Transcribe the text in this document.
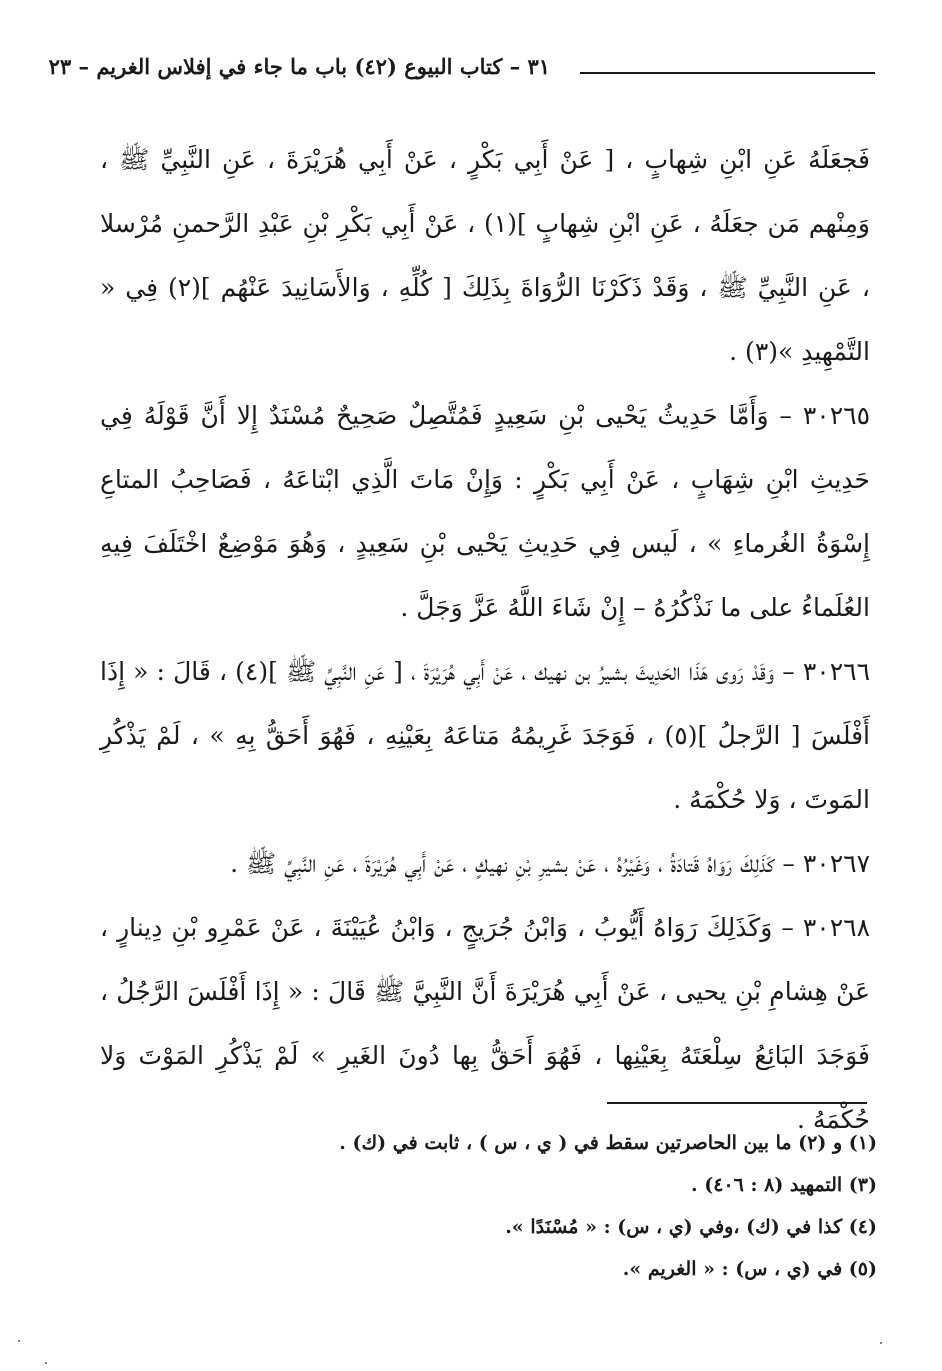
٣١ – كتاب البيوع (٤٢) باب ما جاء في إفلاس الغريم – ٢٣

فَجعَلَهُ عَنِ ابْنِ شِهابٍ ، [ عَنْ أَبِي بَكْرٍ ، عَنْ أَبِي هُرَيْرَةَ ، عَنِ النَّبِيِّ ﷺ ، وَمِنْهم مَن جعَلَهُ ، عَنِ ابْنِ شِهابٍ ](١) ، عَنْ أَبِي بَكْرِ بْنِ عَبْدِ الرَّحمنِ مُرْسلا ، عَنِ النَّبِيِّ ﷺ ، وَقَدْ ذَكَرْنَا الرُّوَاةَ بِذَلِكَ [ كُلِّهِ ، وَالأَسَانِيدَ عَنْهُم ](٢) فِي « التَّمْهِيدِ »(٣) .

٣٠٢٦٥ – وَأَمَّا حَدِيثُ يَحْيى بْنِ سَعِيدٍ فَمُتَّصِلٌ صَحِيحٌ مُسْنَدٌ إِلا أَنَّ قَوْلَهُ فِي حَدِيثِ ابْنِ شِهَابٍ ، عَنْ أَبِي بَكْرٍ : وَإِنْ مَاتَ الَّذِي ابْتاعَهُ ، فَصَاحِبُ المتاعِ إِسْوَةُ الغُرماءِ » ، لَيس فِي حَدِيثِ يَحْيى بْنِ سَعِيدٍ ، وَهُوَ مَوْضِعٌ اخْتَلَفَ فِيهِ العُلَماءُ على ما نَذْكُرُهُ – إِنْ شَاءَ اللَّهُ عَزَّ وَجَلَّ .

٣٠٢٦٦ – وَقَدْ رَوى هَذَا الحَدِيثَ بشيرُ بن نهيك ، عَنْ أَبِي هُرَيْرَةَ ، [ عَنِ النَّبِيِّ ﷺ ](٤) ، قَالَ : « إِذَا أَفْلَسَ [ الرَّجلُ ](٥) ، فَوَجَدَ غَرِيمُهُ مَتاعَهُ بِعَيْنِهِ ، فَهُوَ أَحَقُّ بِهِ » ، لَمْ يَذْكُرِ المَوتَ ، وَلا حُكْمَهُ .

٣٠٢٦٧ – كَذَلِكَ رَوَاهُ قَتادَةُ ، وَغَيْرُهُ ، عَنْ بشيرِ بْنِ نهيكٍ ، عَنْ أَبِي هُرَيْرَةَ ، عَنِ النَّبِيِّ ﷺ .

٣٠٢٦٨ – وَكَذَلِكَ رَوَاهُ أَيُّوبُ ، وَابْنُ جُرَيجٍ ، وَابْنُ عُيَيْنَةَ ، عَنْ عَمْرِو بْنِ دِينارٍ ، عَنْ هِشامِ بْنِ يحيى ، عَنْ أَبِي هُرَيْرَةَ أَنَّ النَّبِيَّ ﷺ قَالَ : « إِذَا أَفْلَسَ الرَّجُلُ ، فَوَجَدَ البَائِعُ سِلْعَتَهُ بِعَيْنِها ، فَهُوَ أَحَقُّ بِها دُونَ الغَيرِ » لَمْ يَذْكُرِ المَوْتَ وَلا حُكْمَهُ .

(١) و (٢) ما بين الحاصرتين سقط في ( ي ، س ) ، ثابت في (ك) .

(٣) التمهيد (٨ : ٤٠٦) .

(٤) كذا في (ك) ،وفي (ي ، س) : « مُسْنَدًا ».

(٥) في (ي ، س) : « الغريم ».
